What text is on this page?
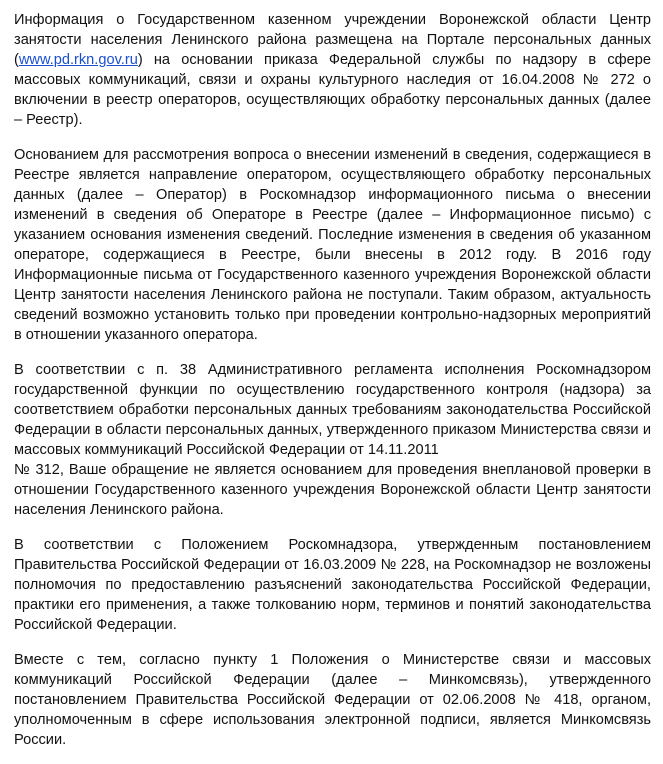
Информация о Государственном казенном учреждении Воронежской области Центр занятости населения Ленинского района размещена на Портале персональных данных (www.pd.rkn.gov.ru) на основании приказа Федеральной службы по надзору в сфере массовых коммуникаций, связи и охраны культурного наследия от 16.04.2008 № 272 о включении в реестр операторов, осуществляющих обработку персональных данных (далее – Реестр).

Основанием для рассмотрения вопроса о внесении изменений в сведения, содержащиеся в Реестре является направление оператором, осуществляющего обработку персональных данных (далее – Оператор) в Роскомнадзор информационного письма о внесении изменений в сведения об Операторе в Реестре (далее – Информационное письмо) с указанием основания изменения сведений. Последние изменения в сведения об указанном операторе, содержащиеся в Реестре, были внесены в 2012 году. В 2016 году Информационные письма от Государственного казенного учреждения Воронежской области Центр занятости населения Ленинского района не поступали. Таким образом, актуальность сведений возможно установить только при проведении контрольно-надзорных мероприятий в отношении указанного оператора.

В соответствии с п. 38 Административного регламента исполнения Роскомнадзором государственной функции по осуществлению государственного контроля (надзора) за соответствием обработки персональных данных требованиям законодательства Российской Федерации в области персональных данных, утвержденного приказом Министерства связи и массовых коммуникаций Российской Федерации от 14.11.2011
№ 312, Ваше обращение не является основанием для проведения внеплановой проверки в отношении Государственного казенного учреждения Воронежской области Центр занятости населения Ленинского района.

В соответствии с Положением Роскомнадзора, утвержденным постановлением Правительства Российской Федерации от 16.03.2009 № 228, на Роскомнадзор не возложены полномочия по предоставлению разъяснений законодательства Российской Федерации, практики его применения, а также толкованию норм, терминов и понятий законодательства Российской Федерации.

Вместе с тем, согласно пункту 1 Положения о Министерстве связи и массовых коммуникаций Российской Федерации (далее – Минкомсвязь), утвержденного постановлением Правительства Российской Федерации от 02.06.2008 № 418, органом, уполномоченным в сфере использования электронной подписи, является Минкомсвязь России.
